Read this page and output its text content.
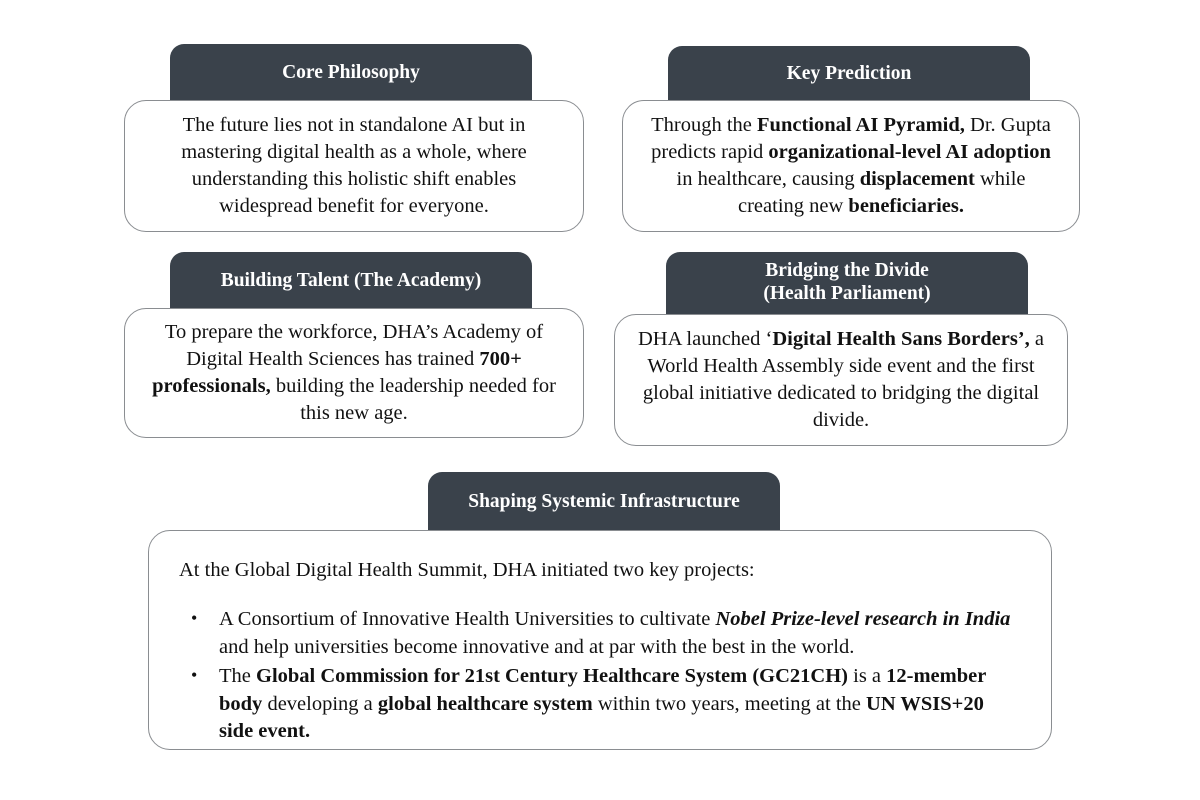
Core Philosophy
The future lies not in standalone AI but in mastering digital health as a whole, where understanding this holistic shift enables widespread benefit for everyone.
Key Prediction
Through the Functional AI Pyramid, Dr. Gupta predicts rapid organizational-level AI adoption in healthcare, causing displacement while creating new beneficiaries.
Building Talent (The Academy)
To prepare the workforce, DHA’s Academy of Digital Health Sciences has trained 700+ professionals, building the leadership needed for this new age.
Bridging the Divide
(Health Parliament)
DHA launched ‘Digital Health Sans Borders’, a World Health Assembly side event and the first global initiative dedicated to bridging the digital divide.
Shaping Systemic Infrastructure

At the Global Digital Health Summit, DHA initiated two key projects:

• A Consortium of Innovative Health Universities to cultivate Nobel Prize-level research in India and help universities become innovative and at par with the best in the world.
• The Global Commission for 21st Century Healthcare System (GC21CH) is a 12-member body developing a global healthcare system within two years, meeting at the UN WSIS+20 side event.
